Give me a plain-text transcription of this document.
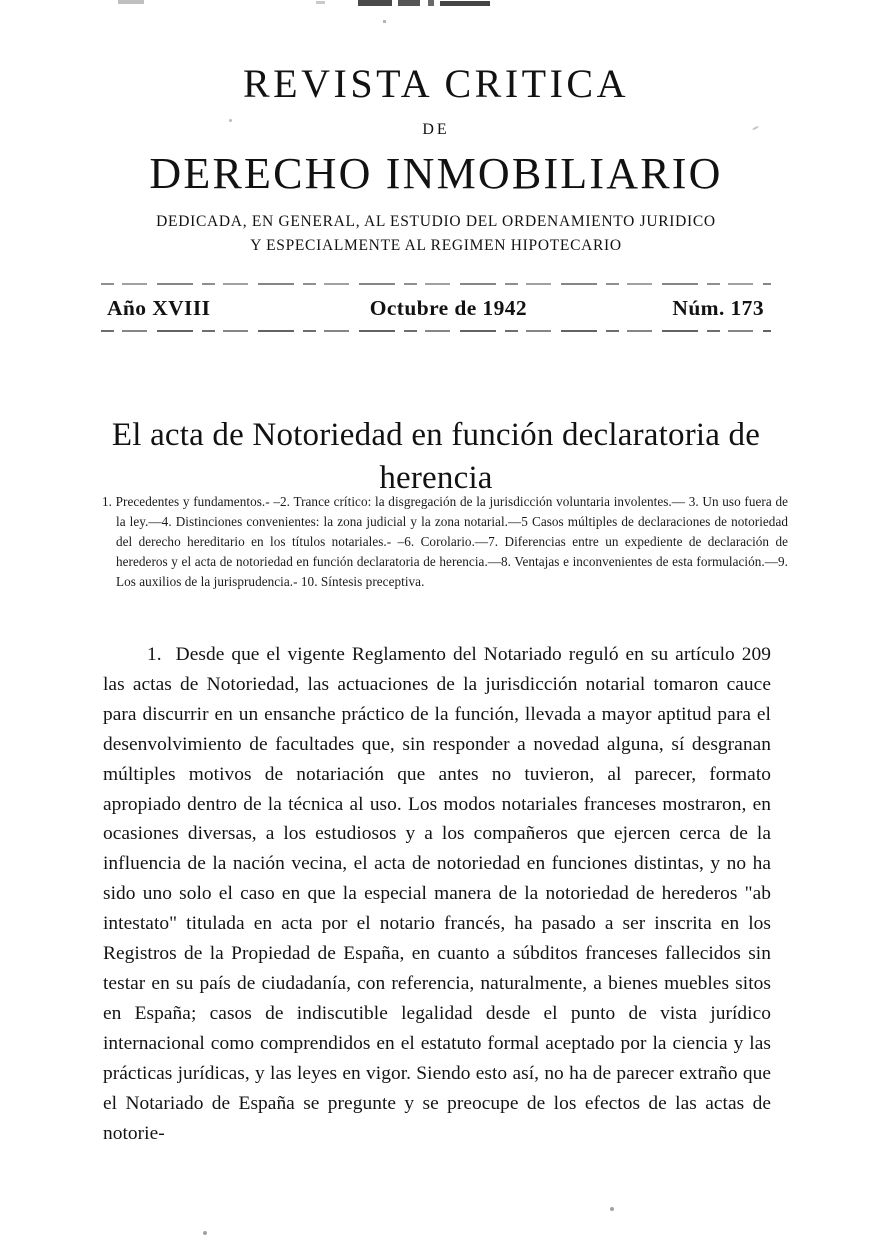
REVISTA CRITICA
DE
DERECHO INMOBILIARIO
DEDICADA, EN GENERAL, AL ESTUDIO DEL ORDENAMIENTO JURIDICO
Y ESPECIALMENTE AL REGIMEN HIPOTECARIO
Año XVIII	Octubre de 1942	Núm. 173
El acta de Notoriedad en función declaratoria de herencia
1. Precedentes y fundamentos.- –2. Trance crítico: la disgregación de la jurisdicción voluntaria involentes.— 3. Un uso fuera de la ley.—4. Distinciones convenientes: la zona judicial y la zona notarial.—5 Casos múltiples de declaraciones de notoriedad del derecho hereditario en los títulos notariales.- –6. Corolario.—7. Diferencias entre un expediente de declaración de herederos y el acta de notoriedad en función declaratoria de herencia.—8. Ventajas e inconvenientes de esta formulación.—9. Los auxilios de la jurisprudencia.- 10. Síntesis preceptiva.
1. Desde que el vigente Reglamento del Notariado reguló en su artículo 209 las actas de Notoriedad, las actuaciones de la jurisdicción notarial tomaron cauce para discurrir en un ensanche práctico de la función, llevada a mayor aptitud para el desenvolvimiento de facultades que, sin responder a novedad alguna, sí desgranan múltiples motivos de notariación que antes no tuvieron, al parecer, formato apropiado dentro de la técnica al uso. Los modos notariales franceses mostraron, en ocasiones diversas, a los estudiosos y a los compañeros que ejercen cerca de la influencia de la nación vecina, el acta de notoriedad en funciones distintas, y no ha sido uno solo el caso en que la especial manera de la notoriedad de herederos "ab intestato" titulada en acta por el notario francés, ha pasado a ser inscrita en los Registros de la Propiedad de España, en cuanto a súbditos franceses fallecidos sin testar en su país de ciudadanía, con referencia, naturalmente, a bienes muebles sitos en España; casos de indiscutible legalidad desde el punto de vista jurídico internacional como comprendidos en el estatuto formal aceptado por la ciencia y las prácticas jurídicas, y las leyes en vigor. Siendo esto así, no ha de parecer extraño que el Notariado de España se pregunte y se preocupe de los efectos de las actas de notorie-
